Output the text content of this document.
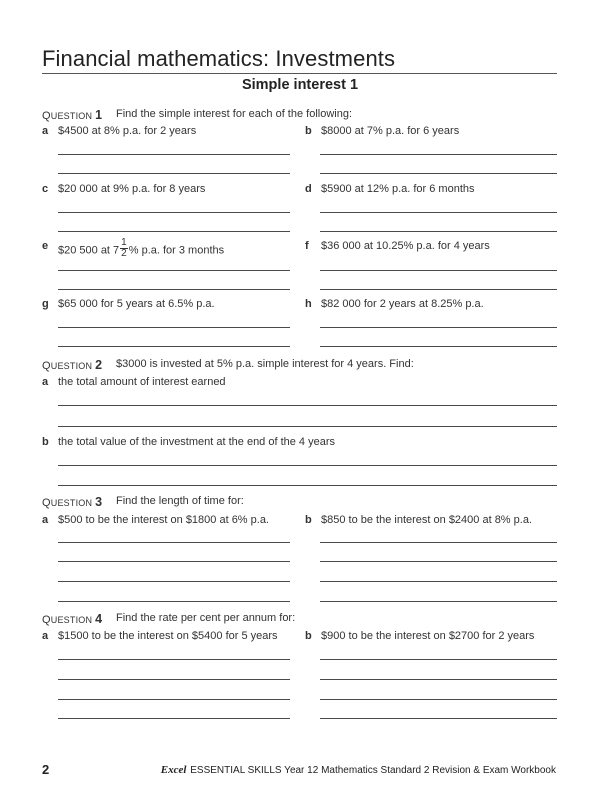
Financial mathematics: Investments
Simple interest 1
QUESTION 1 Find the simple interest for each of the following:
a $4500 at 8% p.a. for 2 years	b $8000 at 7% p.a. for 6 years
c $20 000 at 9% p.a. for 8 years	d $5900 at 12% p.a. for 6 months
e $20 500 at $7 \frac{1}{2}$ % p.a. for 3 months	f $36 000 at 10.25% p.a. for 4 years
g $65 000 for 5 years at 6.5% p.a.	h $82 000 for 2 years at 8.25% p.a.
QUESTION 2 $3000 is invested at 5% p.a. simple interest for 4 years. Find:
a the total amount of interest earned
b the total value of the investment at the end of the 4 years
QUESTION 3 Find the length of time for:
a $500 to be the interest on $1800 at 6% p.a.	b $850 to be the interest on $2400 at 8% p.a.
QUESTION 4 Find the rate per cent per annum for:
a $1500 to be the interest on $5400 for 5 years b $900 to be the interest on $2700 for 2 years
2	Excel ESSENTIAL SKILLS Year 12 Mathematics Standard 2 Revision & Exam Workbook
